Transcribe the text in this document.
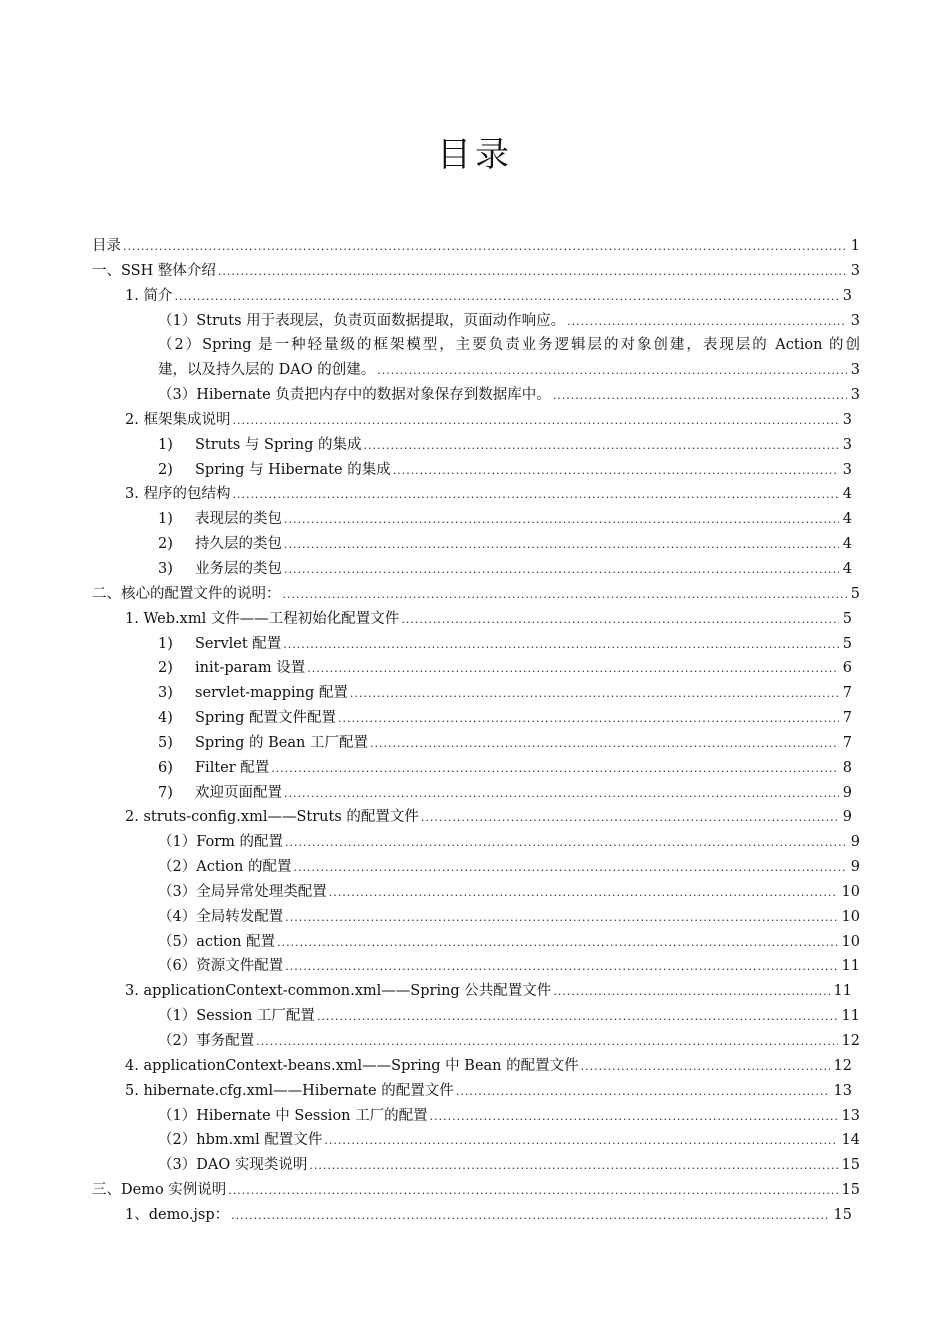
目录
目录 .....	1
一、SSH 整体介绍 .....	3
1. 简介 .....	3
（1）Struts 用于表现层，负责页面数据提取，页面动作响应。 .....	3
（2）Spring 是一种轻量级的框架模型，主要负责业务逻辑层的对象创建，表现层的 Action 的创
建，以及持久层的 DAO 的创建。 .....	3
（3）Hibernate 负责把内存中的数据对象保存到数据库中。 .....	3
2. 框架集成说明 .....	3
1)	Struts 与 Spring 的集成 .....	3
2)	Spring 与 Hibernate 的集成 .....	3
3. 程序的包结构 .....	4
1)	表现层的类包 .....	4
2)	持久层的类包 .....	4
3)	业务层的类包 .....	4
二、核心的配置文件的说明： .....	5
1. Web.xml 文件——工程初始化配置文件 .....	5
1)	Servlet 配置 .....	5
2)	init-param 设置 .....	6
3)	servlet-mapping 配置 .....	7
4)	Spring 配置文件配置 .....	7
5)	Spring 的 Bean 工厂配置 .....	7
6)	Filter 配置 .....	8
7)	欢迎页面配置 .....	9
2. struts-config.xml——Struts 的配置文件 .....	9
（1）Form 的配置 .....	9
（2）Action 的配置 .....	9
（3）全局异常处理类配置 .....	10
（4）全局转发配置 .....	10
（5）action 配置 .....	10
（6）资源文件配置 .....	11
3. applicationContext-common.xml——Spring 公共配置文件 .....	11
（1）Session 工厂配置 .....	11
（2）事务配置 .....	12
4. applicationContext-beans.xml——Spring 中 Bean 的配置文件 .....	12
5. hibernate.cfg.xml——Hibernate 的配置文件 .....	13
（1）Hibernate 中 Session 工厂的配置 .....	13
（2）hbm.xml 配置文件 .....	14
（3）DAO 实现类说明 .....	15
三、Demo 实例说明 .....	15
1、demo.jsp： .....	15
